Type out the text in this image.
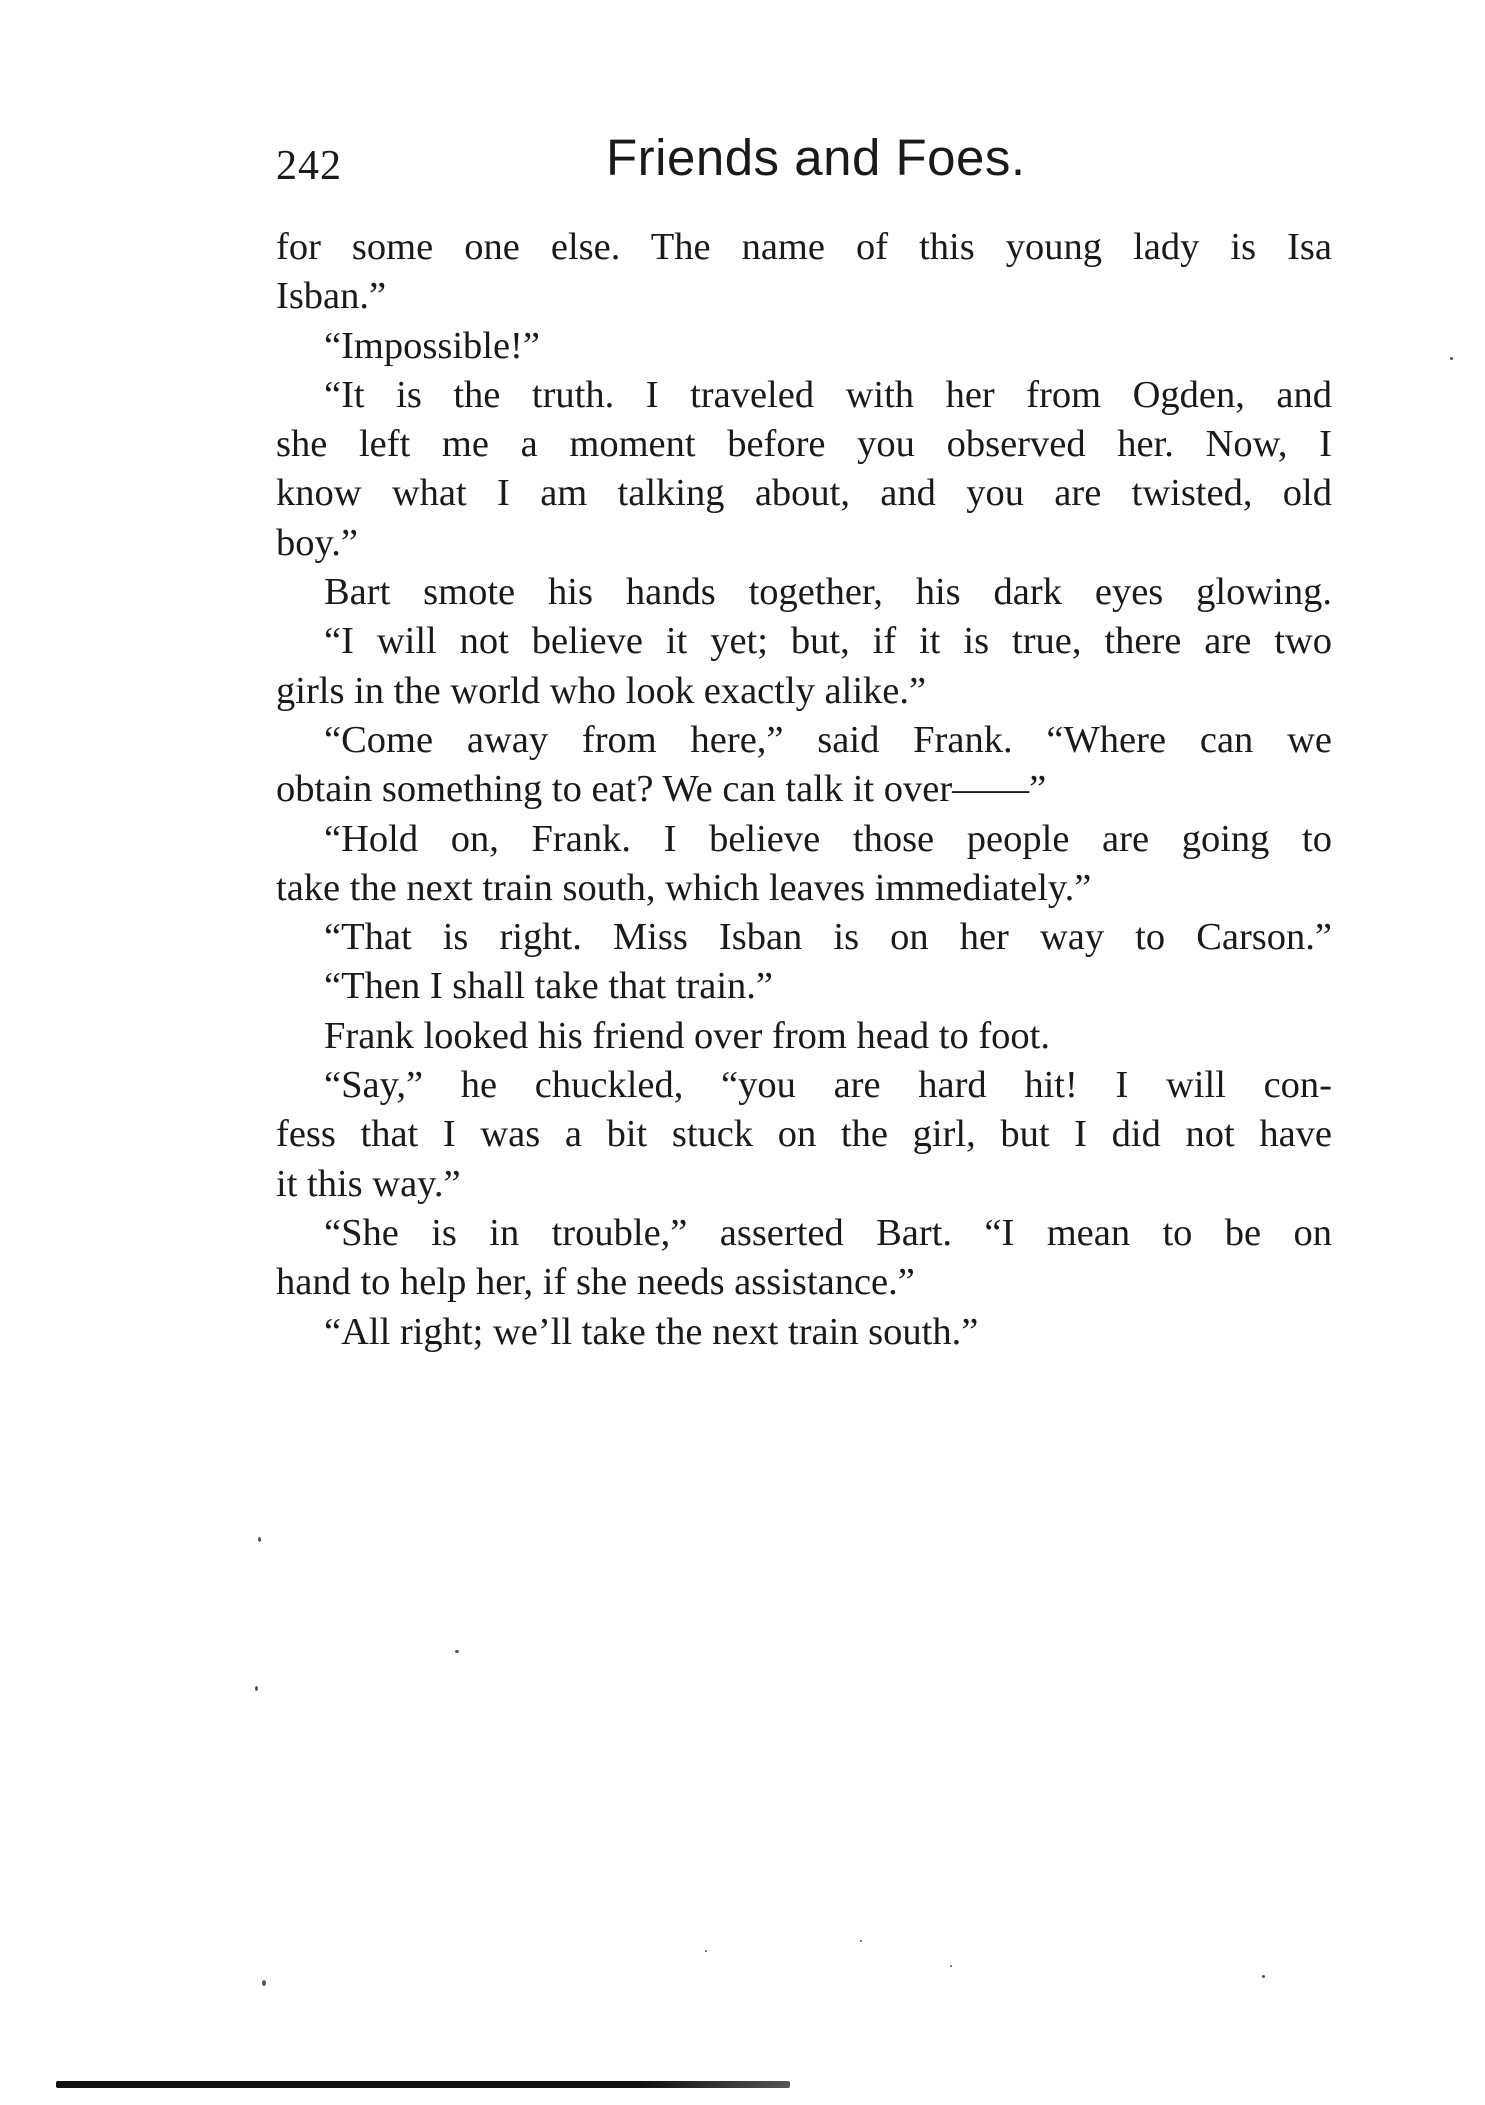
242	Friends and Foes.
for some one else. The name of this young lady is Isa
Isban.”
“Impossible!”
“It is the truth. I traveled with her from Ogden, and
she left me a moment before you observed her. Now, I
know what I am talking about, and you are twisted, old
boy.”
Bart smote his hands together, his dark eyes glowing.
“I will not believe it yet; but, if it is true, there are two
girls in the world who look exactly alike.”
“Come away from here,” said Frank. “Where can we
obtain something to eat? We can talk it over——”
“Hold on, Frank. I believe those people are going to
take the next train south, which leaves immediately.”
“That is right. Miss Isban is on her way to Carson.”
“Then I shall take that train.”
Frank looked his friend over from head to foot.
“Say,” he chuckled, “you are hard hit! I will con-
fess that I was a bit stuck on the girl, but I did not have
it this way.”
“She is in trouble,” asserted Bart. “I mean to be on
hand to help her, if she needs assistance.”
“All right; we’ll take the next train south.”
